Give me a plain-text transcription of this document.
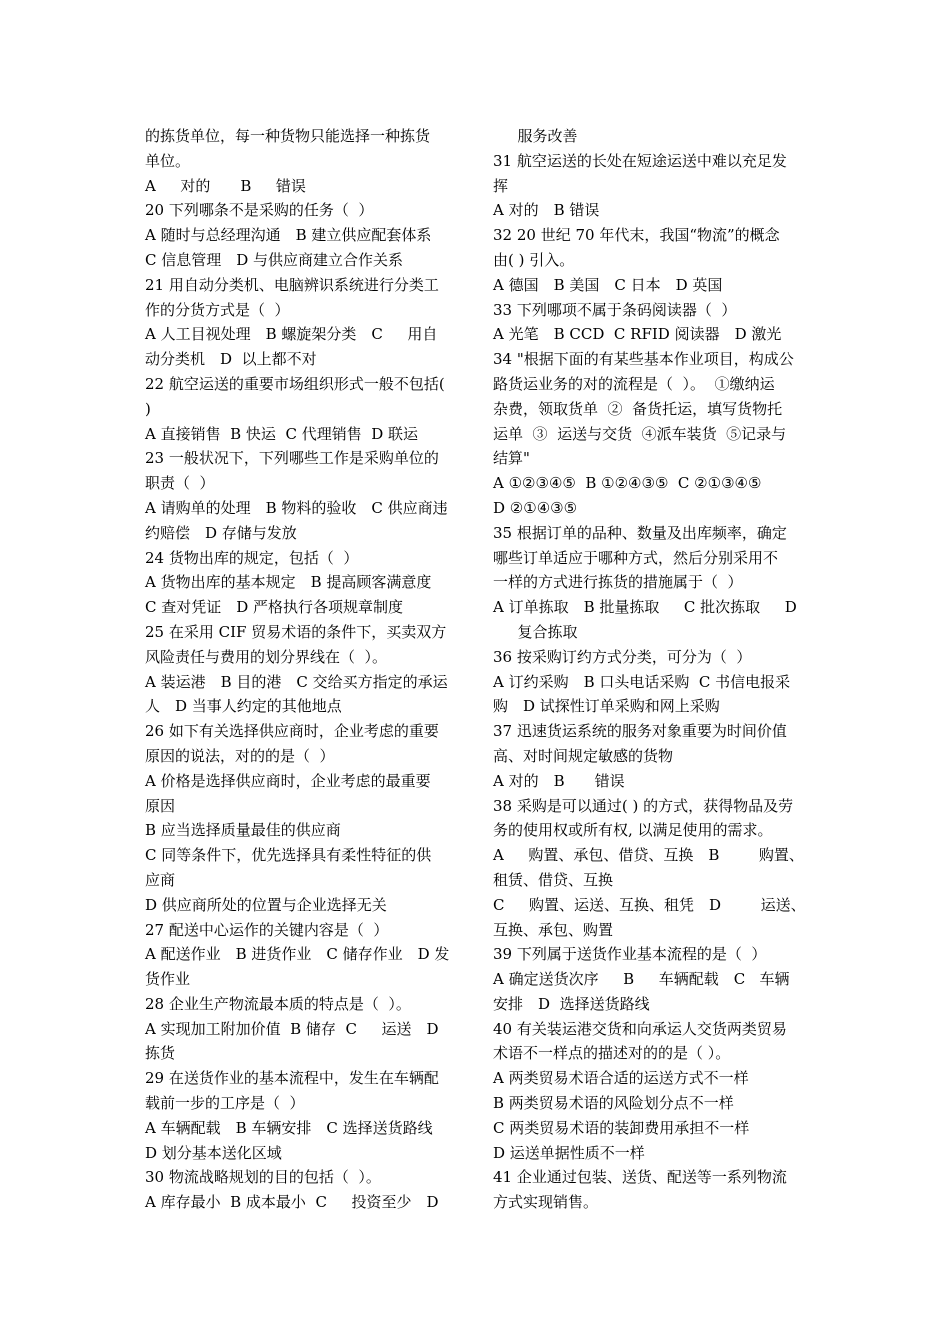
的拣货单位，每一种货物只能选择一种拣货
单位。
A　  对的　　B　  错误
20 下列哪条不是采购的任务（  ）
A 随时与总经理沟通　B 建立供应配套体系
C 信息管理　D 与供应商建立合作关系
21 用自动分类机、电脑辨识系统进行分类工
作的分货方式是（  ）
A 人工目视处理　B 螺旋架分类　C　  用自
动分类机　D  以上都不对
22 航空运送的重要市场组织形式一般不包括(
)
A 直接销售  B 快运  C 代理销售  D 联运
23 一般状况下，下列哪些工作是采购单位的
职责（  ）
A 请购单的处理　B 物料的验收　C 供应商违
约赔偿　D 存储与发放
24 货物出库的规定，包括（  ）
A 货物出库的基本规定　B 提高顾客满意度
C 查对凭证　D 严格执行各项规章制度
25 在采用 CIF 贸易术语的条件下，买卖双方
风险责任与费用的划分界线在（  ）。
A 装运港　B 目的港　C 交给买方指定的承运
人　D 当事人约定的其他地点
26 如下有关选择供应商时，企业考虑的重要
原因的说法，对的的是（  ）
A 价格是选择供应商时，企业考虑的最重要
原因
B 应当选择质量最佳的供应商
C 同等条件下，优先选择具有柔性特征的供
应商
D 供应商所处的位置与企业选择无关
27 配送中心运作的关键内容是（  ）
A 配送作业　B 进货作业　C 储存作业　D 发
货作业
28 企业生产物流最本质的特点是（  ）。
A 实现加工附加价值  B 储存  C　  运送　D
拣货
29 在送货作业的基本流程中，发生在车辆配
载前一步的工序是（  ）
A 车辆配载　B 车辆安排　C 选择送货路线
D 划分基本送化区域
30 物流战略规划的目的包括（  ）。
A 库存最小  B 成本最小  C　  投资至少　D
　  服务改善
31 航空运送的长处在短途运送中难以充足发
挥
A 对的　B 错误
32 20 世纪 70 年代末，我国“物流”的概念
由( ) 引入。
A 德国　B 美国　C 日本　D 英国
33 下列哪项不属于条码阅读器（  ）
A 光笔　B CCD  C RFID 阅读器　D 激光
34 "根据下面的有某些基本作业项目，构成公
路货运业务的对的流程是（  ）。  ①缴纳运
杂费，领取货单  ②  备货托运，填写货物托
运单  ③  运送与交货  ④派车装货  ⑤记录与
结算"
A ①②③④⑤  B ①②④③⑤  C ②①③④⑤
D ②①④③⑤
35 根据订单的品种、数量及出库频率，确定
哪些订单适应于哪种方式，然后分别采用不
一样的方式进行拣货的措施属于（  ）
A 订单拣取　B 批量拣取　  C 批次拣取　  D
　  复合拣取
36 按采购订约方式分类，可分为（  ）
A 订约采购　B 口头电话采购  C 书信电报采
购　D 试探性订单采购和网上采购
37 迅速货运系统的服务对象重要为时间价值
高、对时间规定敏感的货物
A 对的　B　　错误
38 采购是可以通过( ) 的方式，获得物品及劳
务的使用权或所有权, 以满足使用的需求。
A　  购置、承包、借贷、互换　B　  　购置、
租赁、借贷、互换
C　  购置、运送、互换、租凭　D　  　运送、
互换、承包、购置
39 下列属于送货作业基本流程的是（  ）
A 确定送货次序　  B　  车辆配载　C   车辆
安排　D  选择送货路线
40 有关装运港交货和向承运人交货两类贸易
术语不一样点的描述对的的是（ ）。
A 两类贸易术语合适的运送方式不一样
B 两类贸易术语的风险划分点不一样
C 两类贸易术语的装卸费用承担不一样
D 运送单据性质不一样
41 企业通过包装、送货、配送等一系列物流
方式实现销售。
